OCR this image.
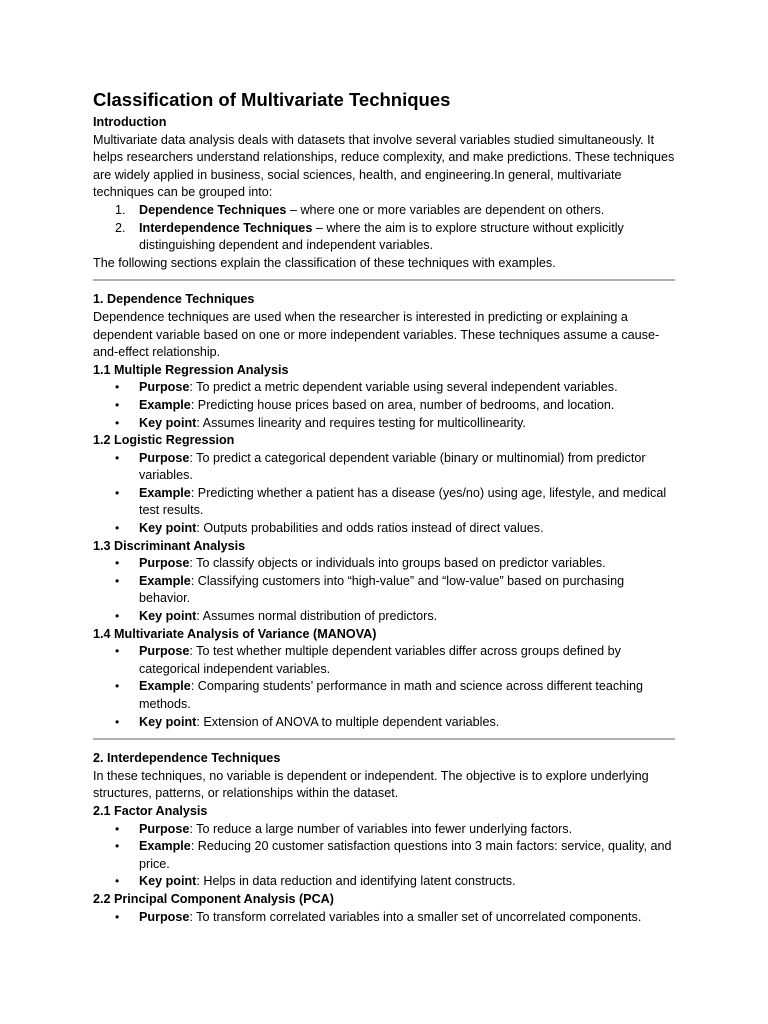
Classification of Multivariate Techniques
Introduction

Multivariate data analysis deals with datasets that involve several variables studied simultaneously. It helps researchers understand relationships, reduce complexity, and make predictions. These techniques are widely applied in business, social sciences, health, and engineering.In general, multivariate techniques can be grouped into:

1. Dependence Techniques – where one or more variables are dependent on others.
2. Interdependence Techniques – where the aim is to explore structure without explicitly distinguishing dependent and independent variables.

The following sections explain the classification of these techniques with examples.

1. Dependence Techniques

Dependence techniques are used when the researcher is interested in predicting or explaining a dependent variable based on one or more independent variables. These techniques assume a cause-and-effect relationship.

1.1 Multiple Regression Analysis
• Purpose: To predict a metric dependent variable using several independent variables.
• Example: Predicting house prices based on area, number of bedrooms, and location.
• Key point: Assumes linearity and requires testing for multicollinearity.
1.2 Logistic Regression
• Purpose: To predict a categorical dependent variable (binary or multinomial) from predictor variables.
• Example: Predicting whether a patient has a disease (yes/no) using age, lifestyle, and medical test results.
• Key point: Outputs probabilities and odds ratios instead of direct values.
1.3 Discriminant Analysis
• Purpose: To classify objects or individuals into groups based on predictor variables.
• Example: Classifying customers into “high-value” and “low-value” based on purchasing behavior.
• Key point: Assumes normal distribution of predictors.
1.4 Multivariate Analysis of Variance (MANOVA)
• Purpose: To test whether multiple dependent variables differ across groups defined by categorical independent variables.
• Example: Comparing students’ performance in math and science across different teaching methods.
• Key point: Extension of ANOVA to multiple dependent variables.
2. Interdependence Techniques

In these techniques, no variable is dependent or independent. The objective is to explore underlying structures, patterns, or relationships within the dataset.

2.1 Factor Analysis
• Purpose: To reduce a large number of variables into fewer underlying factors.
• Example: Reducing 20 customer satisfaction questions into 3 main factors: service, quality, and price.
• Key point: Helps in data reduction and identifying latent constructs.
2.2 Principal Component Analysis (PCA)
• Purpose: To transform correlated variables into a smaller set of uncorrelated components.
